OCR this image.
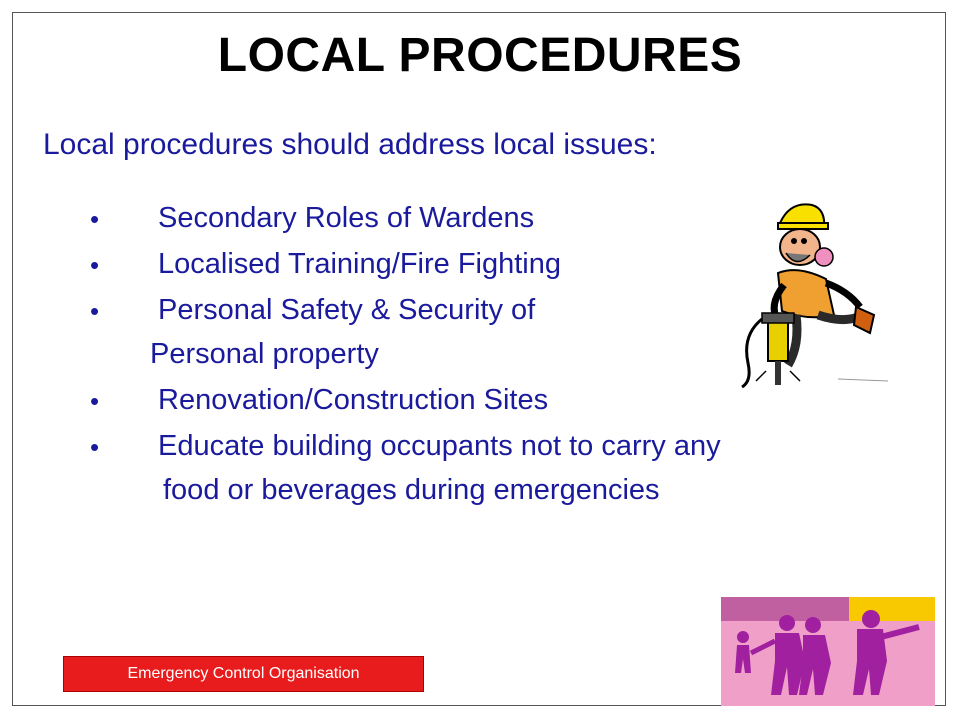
LOCAL PROCEDURES
Local procedures should address local issues:
• Secondary Roles of Wardens
• Localised Training/Fire Fighting
• Personal Safety & Security of
Personal property
• Renovation/Construction Sites
• Educate building occupants not to carry any
food or beverages during emergencies
Emergency Control Organisation
